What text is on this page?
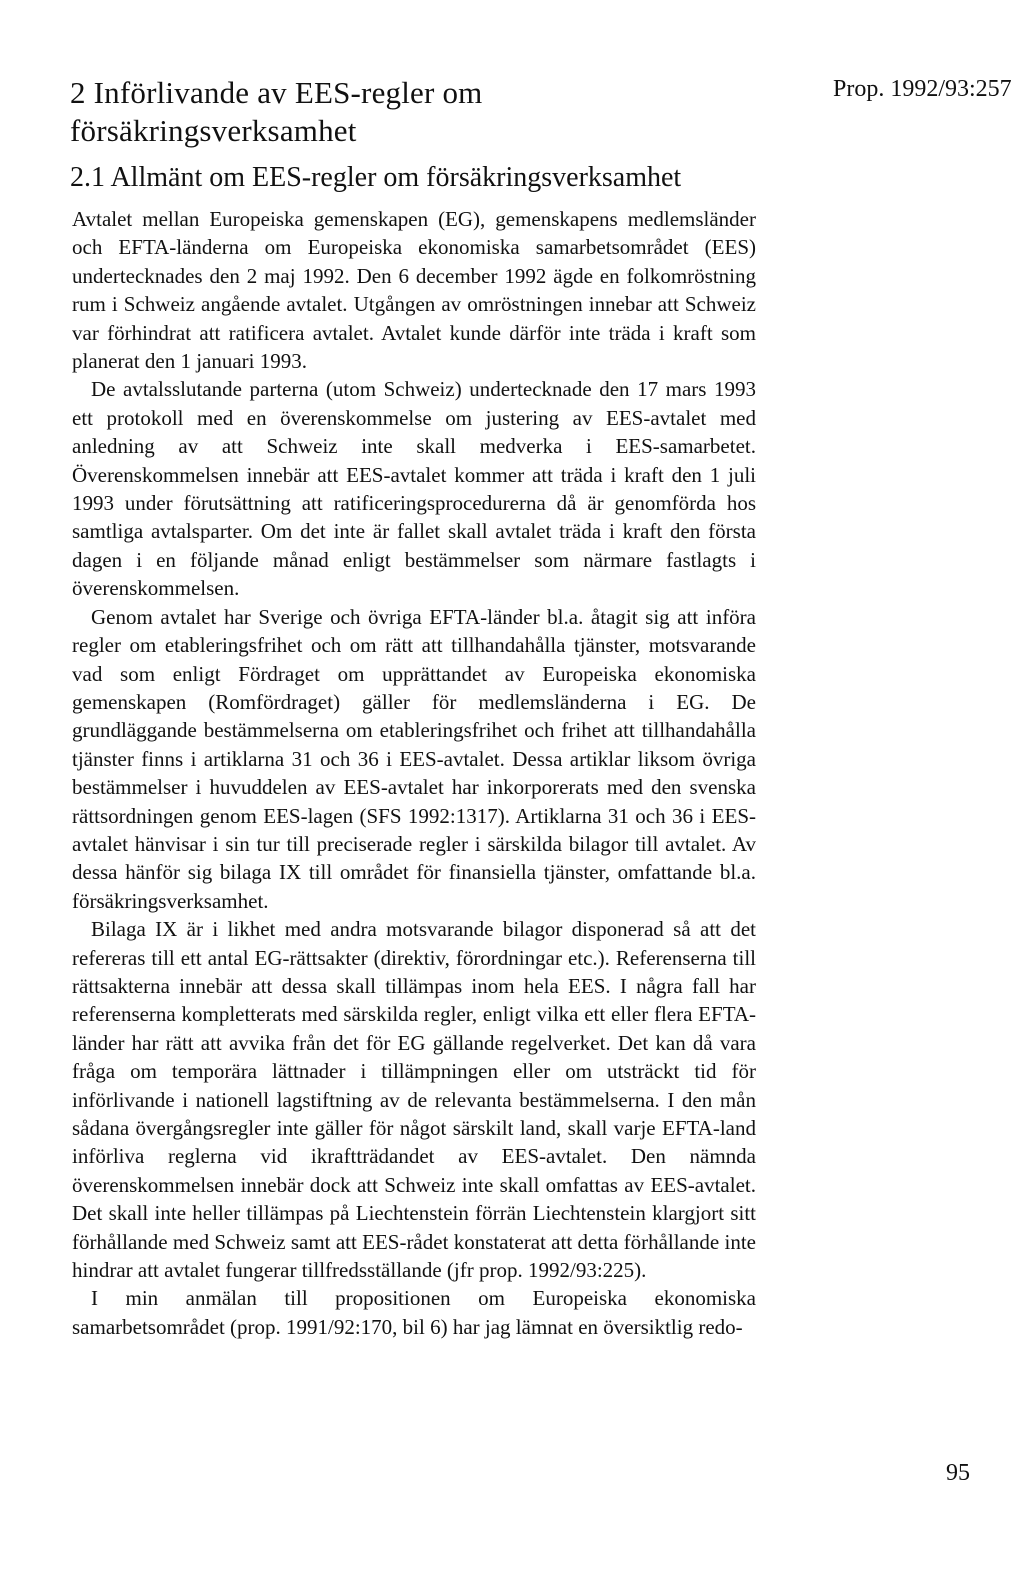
2 Införlivande av EES-regler om försäkringsverksamhet
Prop. 1992/93:257
2.1 Allmänt om EES-regler om försäkringsverksamhet

Avtalet mellan Europeiska gemenskapen (EG), gemenskapens medlemsländer och EFTA-länderna om Europeiska ekonomiska samarbetsområdet (EES) undertecknades den 2 maj 1992. Den 6 december 1992 ägde en folkomröstning rum i Schweiz angående avtalet. Utgången av omröstningen innebar att Schweiz var förhindrat att ratificera avtalet. Avtalet kunde därför inte träda i kraft som planerat den 1 januari 1993.

De avtalsslutande parterna (utom Schweiz) undertecknade den 17 mars 1993 ett protokoll med en överenskommelse om justering av EES-avtalet med anledning av att Schweiz inte skall medverka i EES-samarbetet. Överenskommelsen innebär att EES-avtalet kommer att träda i kraft den 1 juli 1993 under förutsättning att ratificeringsprocedurerna då är genomförda hos samtliga avtalsparter. Om det inte är fallet skall avtalet träda i kraft den första dagen i en följande månad enligt bestämmelser som närmare fastlagts i överenskommelsen.

Genom avtalet har Sverige och övriga EFTA-länder bl.a. åtagit sig att införa regler om etableringsfrihet och om rätt att tillhandahålla tjänster, motsvarande vad som enligt Fördraget om upprättandet av Europeiska ekonomiska gemenskapen (Romfördraget) gäller för medlemsländerna i EG. De grundläggande bestämmelserna om etableringsfrihet och frihet att tillhandahålla tjänster finns i artiklarna 31 och 36 i EES-avtalet. Dessa artiklar liksom övriga bestämmelser i huvuddelen av EES-avtalet har inkorporerats med den svenska rättsordningen genom EES-lagen (SFS 1992:1317). Artiklarna 31 och 36 i EES-avtalet hänvisar i sin tur till preciserade regler i särskilda bilagor till avtalet. Av dessa hänför sig bilaga IX till området för finansiella tjänster, omfattande bl.a. försäkringsverksamhet.

Bilaga IX är i likhet med andra motsvarande bilagor disponerad så att det refereras till ett antal EG-rättsakter (direktiv, förordningar etc.). Referenserna till rättsakterna innebär att dessa skall tillämpas inom hela EES. I några fall har referenserna kompletterats med särskilda regler, enligt vilka ett eller flera EFTA-länder har rätt att avvika från det för EG gällande regelverket. Det kan då vara fråga om temporära lättnader i tillämpningen eller om utsträckt tid för införlivande i nationell lagstiftning av de relevanta bestämmelserna. I den mån sådana övergångsregler inte gäller för något särskilt land, skall varje EFTA-land införliva reglerna vid ikraftträdandet av EES-avtalet. Den nämnda överenskommelsen innebär dock att Schweiz inte skall omfattas av EES-avtalet. Det skall inte heller tillämpas på Liechtenstein förrän Liechtenstein klargjort sitt förhållande med Schweiz samt att EES-rådet konstaterat att detta förhållande inte hindrar att avtalet fungerar tillfredsställande (jfr prop. 1992/93:225).

I min anmälan till propositionen om Europeiska ekonomiska samarbetsområdet (prop. 1991/92:170, bil 6) har jag lämnat en översiktlig redo-

95
